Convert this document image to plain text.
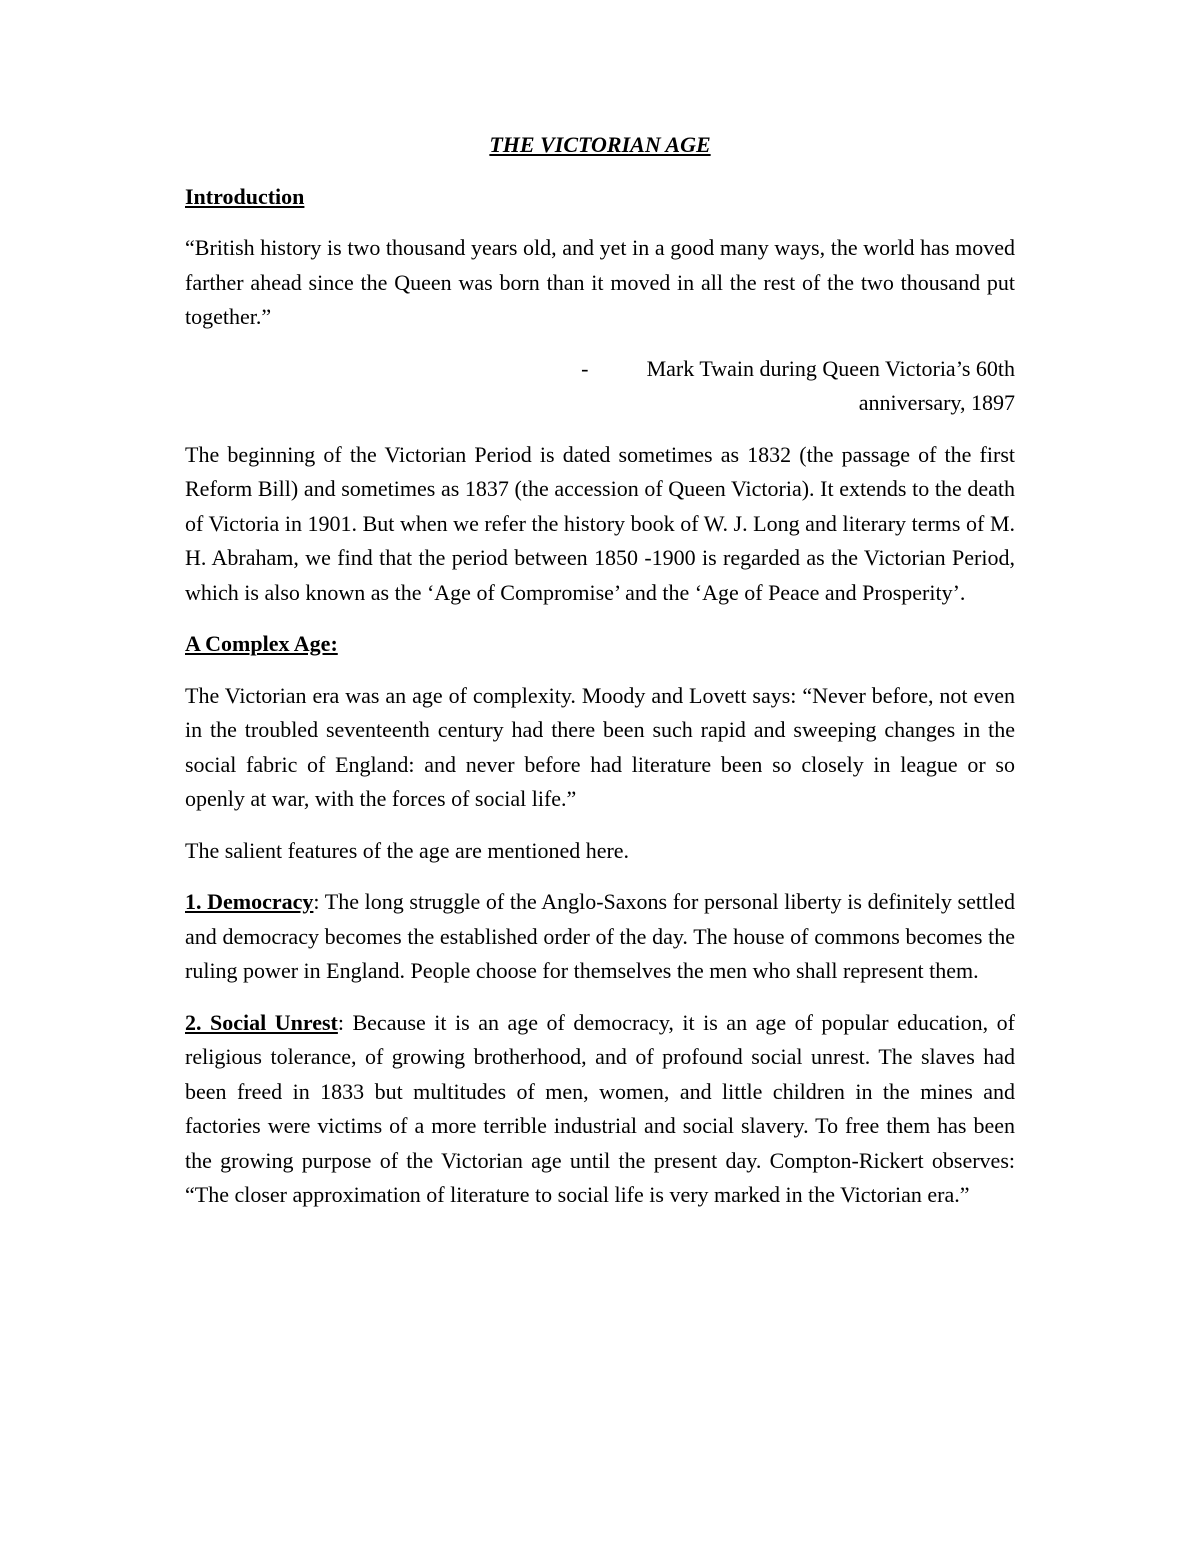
THE VICTORIAN AGE
Introduction

“British history is two thousand years old, and yet in a good many ways, the world has moved farther ahead since the Queen was born than it moved in all the rest of the two thousand put together.”

-	Mark Twain during Queen Victoria’s 60th
anniversary, 1897

The beginning of the Victorian Period is dated sometimes as 1832 (the passage of the first Reform Bill) and sometimes as 1837 (the accession of Queen Victoria). It extends to the death of Victoria in 1901. But when we refer the history book of W. J. Long and literary terms of M. H. Abraham, we find that the period between 1850 -1900 is regarded as the Victorian Period, which is also known as the ‘Age of Compromise’ and the ‘Age of Peace and Prosperity’.

A Complex Age:

The Victorian era was an age of complexity. Moody and Lovett says: “Never before, not even in the troubled seventeenth century had there been such rapid and sweeping changes in the social fabric of England: and never before had literature been so closely in league or so openly at war, with the forces of social life.”

The salient features of the age are mentioned here.

1. Democracy: The long struggle of the Anglo-Saxons for personal liberty is definitely settled and democracy becomes the established order of the day. The house of commons becomes the ruling power in England. People choose for themselves the men who shall represent them.

2. Social Unrest: Because it is an age of democracy, it is an age of popular education, of religious tolerance, of growing brotherhood, and of profound social unrest. The slaves had been freed in 1833 but multitudes of men, women, and little children in the mines and factories were victims of a more terrible industrial and social slavery. To free them has been the growing purpose of the Victorian age until the present day. Compton-Rickert observes: “The closer approximation of literature to social life is very marked in the Victorian era.”
